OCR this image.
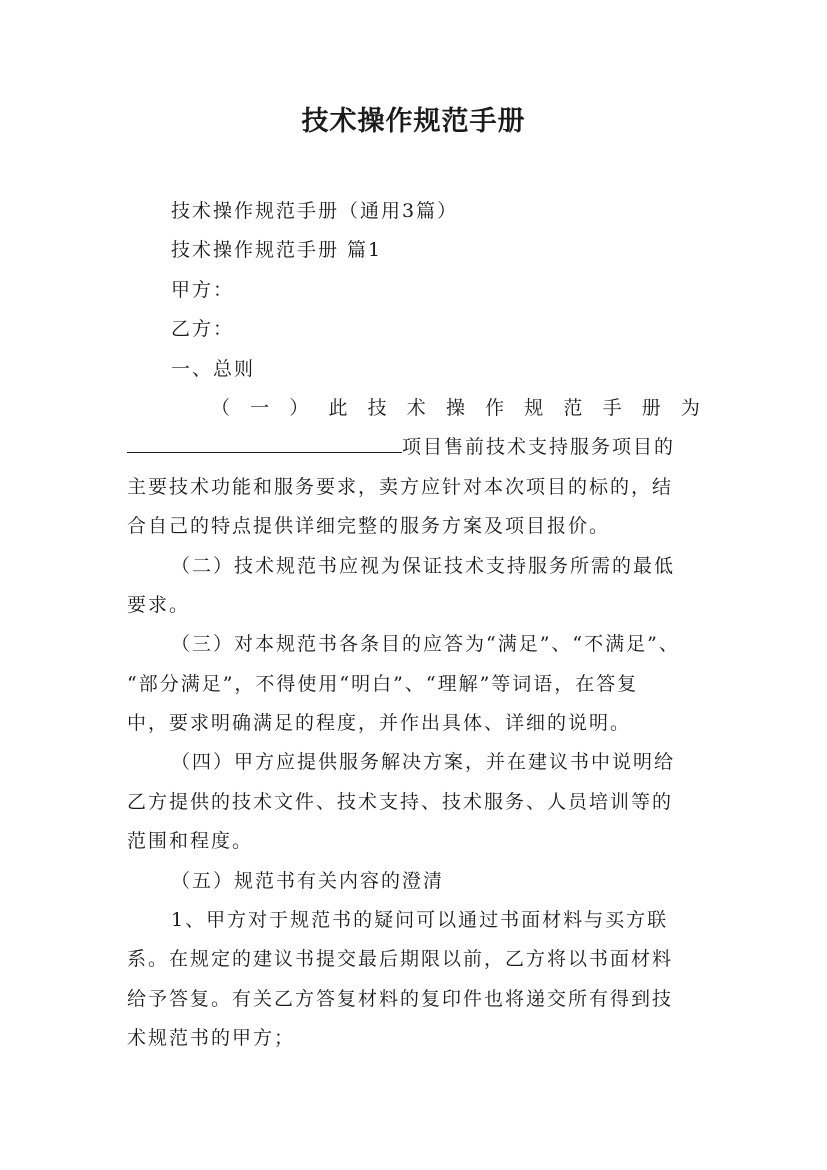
技术操作规范手册
技术操作规范手册（通用3篇）
技术操作规范手册 篇1
甲方：
乙方：
一、总则
（ 一 ） 此 技 术 操 作 规 范 手 册 为
项目售前技术支持服务项目的
主要技术功能和服务要求，卖方应针对本次项目的标的，结
合自己的特点提供详细完整的服务方案及项目报价。
（二）技术规范书应视为保证技术支持服务所需的最低
要求。
（三）对本规范书各条目的应答为“满足”、“不满足”、
“部分满足”，不得使用“明白”、“理解”等词语，在答复
中，要求明确满足的程度，并作出具体、详细的说明。
（四）甲方应提供服务解决方案，并在建议书中说明给
乙方提供的技术文件、技术支持、技术服务、人员培训等的
范围和程度。
（五）规范书有关内容的澄清
1、甲方对于规范书的疑问可以通过书面材料与买方联
系。在规定的建议书提交最后期限以前，乙方将以书面材料
给予答复。有关乙方答复材料的复印件也将递交所有得到技
术规范书的甲方；
